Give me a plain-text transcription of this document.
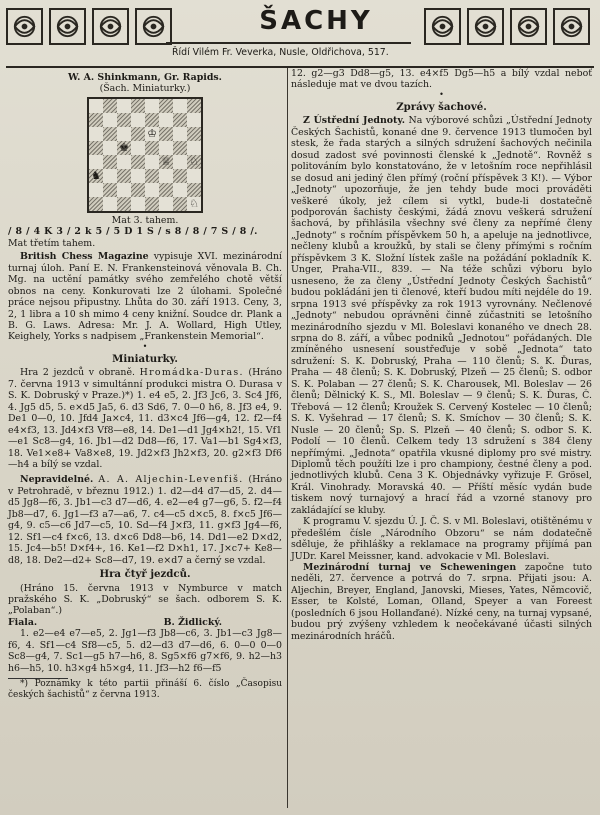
ŠACHY
Řídí Vilém Fr. Veverka, Nusle, Oldřichova, 517.

W. A. Shinkmann, Gr. Rapids.

(Šach. Miniaturky.)

♔
♚
♕ ♘
♞
♘

Mat 3. tahem.

/ 8 / 4 K 3 / 2 k 5 / 5 D 1 S / s 8 / 8 / 7 S / 8 /.

Mat třetím tahem.

British Chess Magazine vypisuje XVI. mezinárodní turnaj úloh. Paní E. N. Frankensteinová věnovala B. Ch. Mg. na uctění památky svého zemřelého chotě větší obnos na ceny. Konkurovati lze 2 úlohami. Společné práce nejsou připustny. Lhůta do 30. září 1913. Ceny, 3, 2, 1 libra a 10 sh mimo 4 ceny knižní. Soudce dr. Plank a B. G. Laws. Adresa: Mr. J. A. Wollard, High Utley, Keighely, Yorks s nadpisem „Frankenstein Memorial“.

•

Miniaturky.

Hra 2 jezdců v obraně. Hromádka-Duras. (Hráno 7. června 1913 v simultánní produkci mistra O. Durasa v S. K. Dobruský v Praze.)*) 1. e4 e5, 2. Jf3 Jc6, 3. Sc4 Jf6, 4. Jg5 d5, 5. e×d5 Ja5, 6. d3 Sd6, 7. 0—0 h6, 8. Jf3 e4, 9. De1 0—0, 10. Jfd4 Ja×c4, 11. d3×c4 Jf6—g4, 12. f2—f4 e4×f3, 13. Jd4×f3 Vf8—e8, 14. De1—d1 Jg4×h2!, 15. Vf1—e1 Sc8—g4, 16. Jb1—d2 Dd8—f6, 17. Va1—b1 Sg4×f3, 18. Ve1×e8+ Va8×e8, 19. Jd2×f3 Jh2×f3, 20. g2×f3 Df6—h4 a bílý se vzdal.

Nepravidelné. A. A. Aljechin-Levenfiš. (Hráno v Petrohradě, v březnu 1912.) 1. d2—d4 d7—d5, 2. d4—d5 Jg8—f6, 3. Jb1—c3 d7—d6, 4. e2—e4 g7—g6, 5. f2—f4 Jb8—d7, 6. Jg1—f3 a7—a6, 7. c4—c5 d×c5, 8. f×c5 Jf6—g4, 9. c5—c6 Jd7—c5, 10. Sd—f4 J×f3, 11. g×f3 Jg4—f6, 12. Sf1—c4 f×c6, 13. d×c6 Dd8—b6, 14. Dd1—e2 D×d2, 15. Jc4—b5! D×f4+, 16. Ke1—f2 D×h1, 17. J×c7+ Ke8—d8, 18. De2—d2+ Sc8—d7, 19. e×d7 a černý se vzdal.

Hra čtyř jezdců.

(Hráno 15. června 1913 v Nymburce v match pražského S. K. „Dobruský“ se šach. odborem S. K. „Polaban“.)

Fiala.	B. Židlický.

1. e2—e4 e7—e5, 2. Jg1—f3 Jb8—c6, 3. Jb1—c3 Jg8—f6, 4. Sf1—c4 Sf8—c5, 5. d2—d3 d7—d6, 6. 0—0 0—0 Sc8—g4, 7. Sc1—g5 h7—h6, 8. Sg5×f6 g7×f6, 9. h2—h3 h6—h5, 10. h3×g4 h5×g4, 11. Jf3—h2 f6—f5

*) Poznámky k této partii přináší 6. číslo „Časopisu českých šachistů“ z června 1913.

12. g2—g3 Dd8—g5, 13. e4×f5 Dg5—h5 a bílý vzdal neboť následuje mat ve dvou tazích.

•

Zprávy šachové.

Z Ústřední Jednoty. Na výborové schůzi „Ústřední Jednoty Českých Šachistů, konané dne 9. července 1913 tlumočen byl stesk, že řada starých a silných sdružení šachových nečinila dosud zadost své povinnosti členské k „Jednotě“. Rovněž s politováním bylo konstatováno, že v letošním roce nepřihlásil se dosud ani jediný člen přímý (roční příspěvek 3 K!). — Výbor „Jednoty“ upozorňuje, že jen tehdy bude moci prováděti veškeré úkoly, jež cílem si vytkl, bude-li dostatečně podporován šachisty českými, žádá znovu veškerá sdružení šachová, by přihlásila všechny své členy za nepřímé členy „Jednoty“ s ročním příspěvkem 50 h, a apeluje na jednotlivce, nečleny klubů a kroužků, by stali se členy přímými s ročním příspěvkem 3 K. Složní lístek zašle na požádání pokladník K. Unger, Praha-VII., 839. — Na téže schůzi výboru bylo usneseno, že za členy „Ústřední Jednoty Českých Šachistů“ budou pokládáni jen ti členové, kteří budou míti nejdéle do 19. srpna 1913 své příspěvky za rok 1913 vyrovnány. Nečlenové „Jednoty“ nebudou oprávněni činně zúčastniti se letošního mezinárodního sjezdu v Ml. Boleslavi konaného ve dnech 28. srpna do 8. září, a vůbec podniků „Jednotou“ pořádaných. Dle zmíněného usnesení soustřeďuje v sobě „Jednota“ tato sdružení: S. K. Dobruský, Praha — 110 členů; S. K. Ďuras, Praha — 48 členů; S. K. Dobruský, Plzeň — 25 členů; S. odbor S. K. Polaban — 27 členů; S. K. Charousek, Ml. Boleslav — 26 členů; Dělnický K. S., Ml. Boleslav — 9 členů; S. K. Ďuras, Č. Třebová — 12 členů; Kroužek S. Cervený Kostelec — 10 členů; S. K. Vyšehrad — 17 členů; S. K. Smíchov — 30 členů; S. K. Nusle — 20 členů; Sp. S. Plzeň — 40 členů; S. odbor S. K. Podolí — 10 členů. Celkem tedy 13 sdružení s 384 členy nepřímými. „Jednota“ opatřila vkusné diplomy pro své mistry. Diplomů těch použíti lze i pro championy, čestné členy a pod. jednotlivých klubů. Cena 3 K. Objednávky vyřizuje F. Grösel, Král. Vinohrady. Moravská 40. — Příští měsíc vydán bude tiskem nový turnajový a hrací řád a vzorné stanovy pro zakládající se kluby.

K programu V. sjezdu Ú. J. Č. S. v Ml. Boleslavi, otištěnému v předešlém čísle „Národního Obzoru“ se nám dodatečně sděluje, že přihlášky a reklamace na programy přijímá pan JUDr. Karel Meissner, kand. advokacie v Ml. Boleslavi.

Mezinárodní turnaj ve Scheweningen započne tuto neděli, 27. července a potrvá do 7. srpna. Přijati jsou: A. Aljechin, Breyer, England, Janovski, Mieses, Yates, Němcovič, Esser, te Kolsté, Loman, Olland, Speyer a van Foreest (posledních 6 jsou Hollanďané). Nízké ceny, na turnaj vypsané, budou prý zvýšeny vzhledem k neočekávané účasti silných mezinárodních hráčů.
